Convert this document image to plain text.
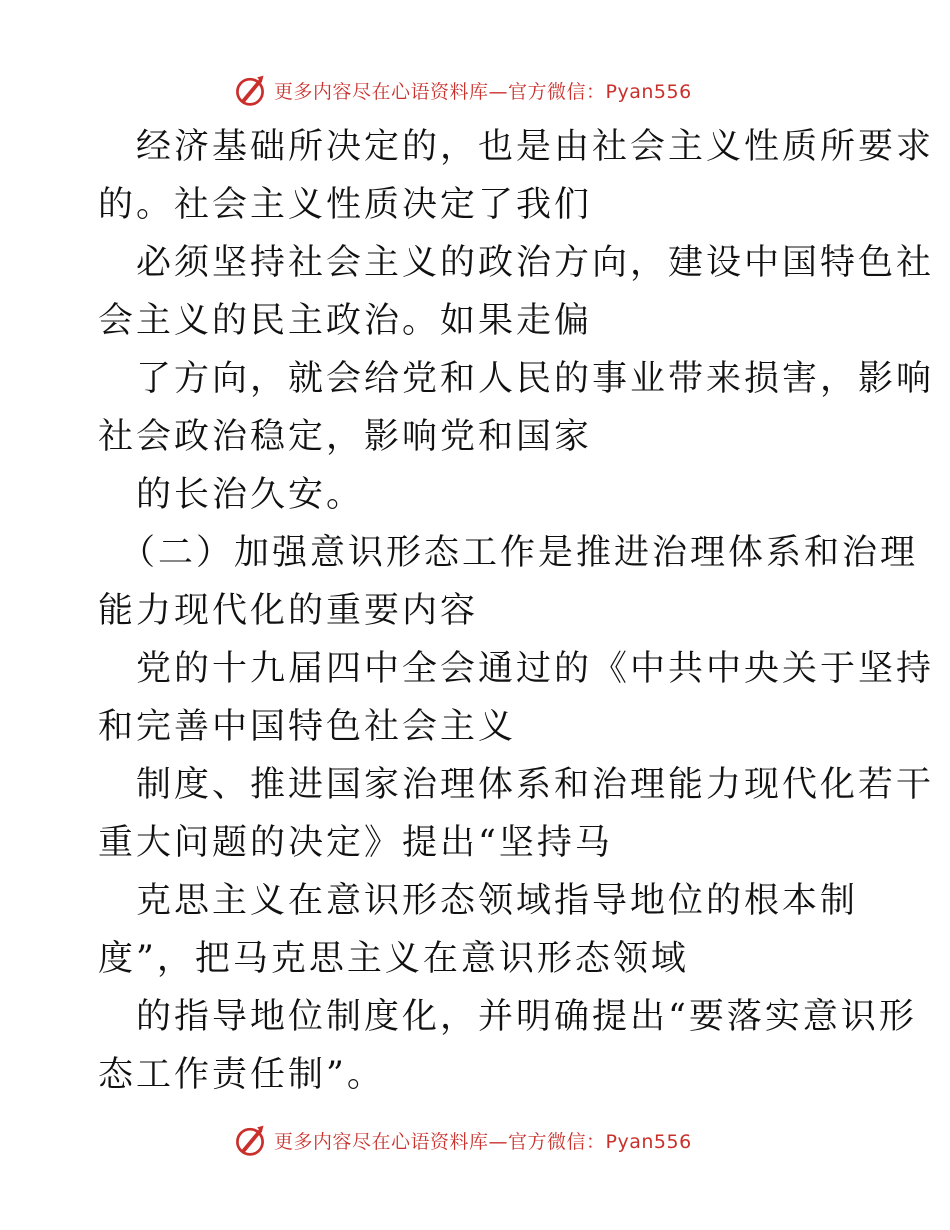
更多内容尽在心语资料库—官方微信：Pyan556
经济基础所决定的，也是由社会主义性质所要求
的。社会主义性质决定了我们
必须坚持社会主义的政治方向，建设中国特色社
会主义的民主政治。如果走偏
了方向，就会给党和人民的事业带来损害，影响
社会政治稳定，影响党和国家
的长治久安。
（二）加强意识形态工作是推进治理体系和治理
能力现代化的重要内容
党的十九届四中全会通过的《中共中央关于坚持
和完善中国特色社会主义
制度、推进国家治理体系和治理能力现代化若干
重大问题的决定》提出“坚持马
克思主义在意识形态领域指导地位的根本制
度”，把马克思主义在意识形态领域
的指导地位制度化，并明确提出“要落实意识形
态工作责任制”。
更多内容尽在心语资料库—官方微信：Pyan556
